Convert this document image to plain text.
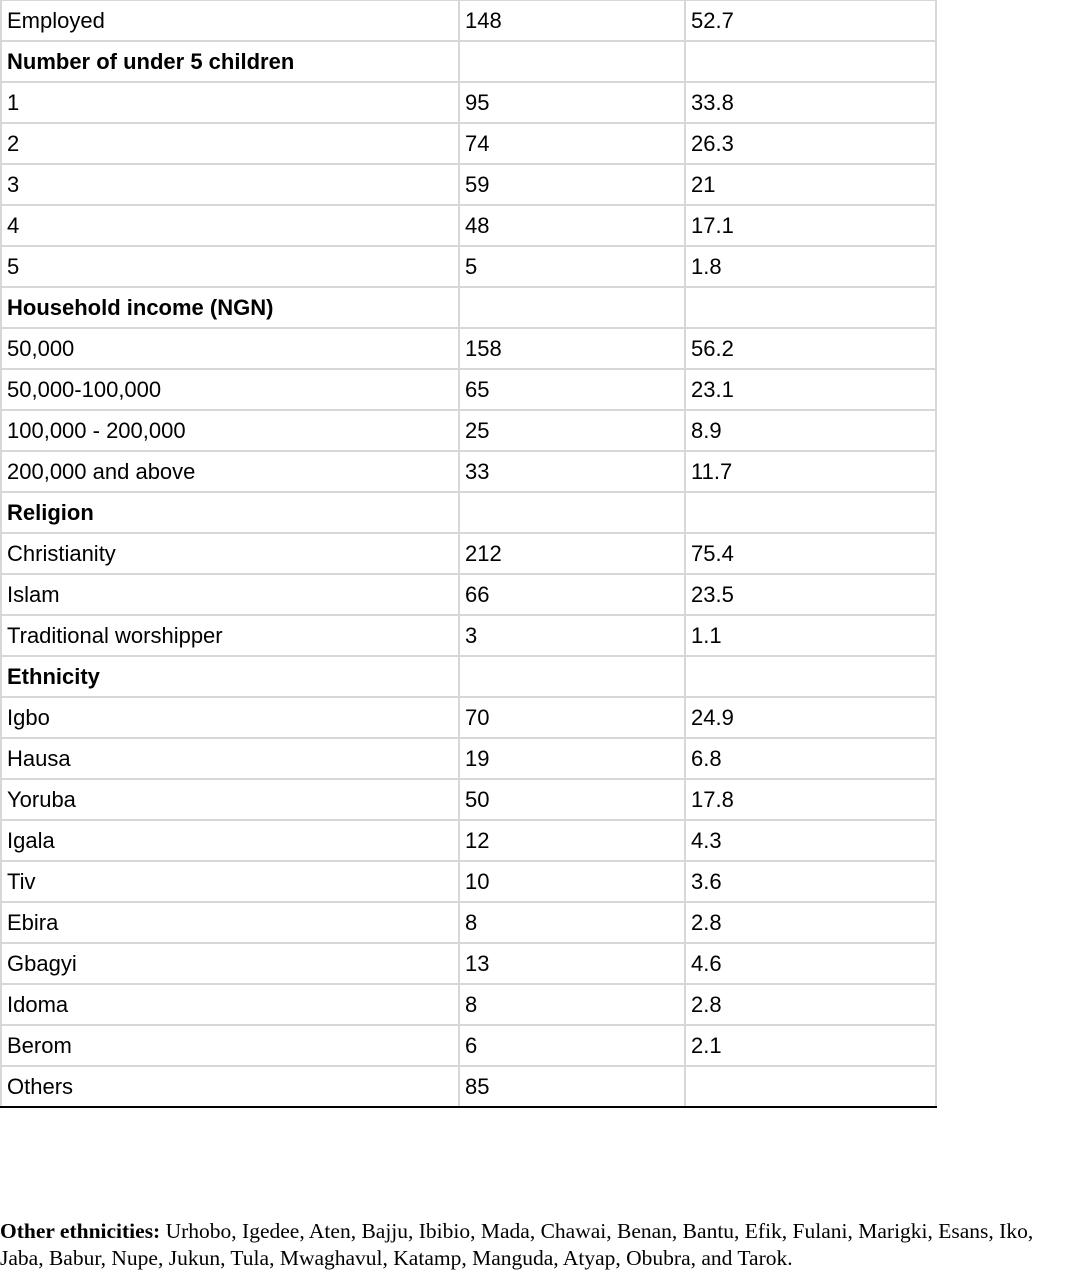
Employed	148	52.7
Number of under 5 children		
1	95	33.8
2	74	26.3
3	59	21
4	48	17.1
5	5	1.8
Household income (NGN)		
50,000	158	56.2
50,000-100,000	65	23.1
100,000 - 200,000	25	8.9
200,000 and above	33	11.7
Religion		
Christianity	212	75.4
Islam	66	23.5
Traditional worshipper	3	1.1
Ethnicity		
Igbo	70	24.9
Hausa	19	6.8
Yoruba	50	17.8
Igala	12	4.3
Tiv	10	3.6
Ebira	8	2.8
Gbagyi	13	4.6
Idoma	8	2.8
Berom	6	2.1
Others	85	

Other ethnicities: Urhobo, Igedee, Aten, Bajju, Ibibio, Mada, Chawai, Benan, Bantu, Efik, Fulani, Marigki, Esans, Iko, Jaba, Babur, Nupe, Jukun, Tula, Mwaghavul, Katamp, Manguda, Atyap, Obubra, and Tarok.
